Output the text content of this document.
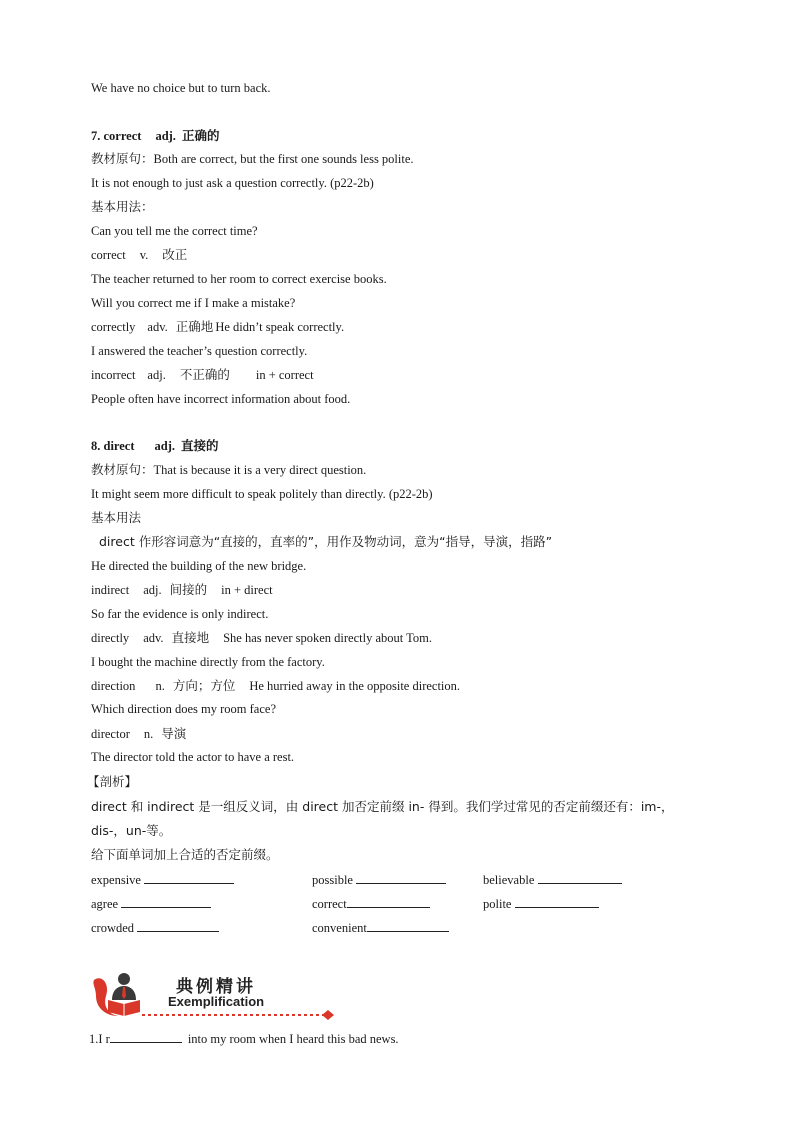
We have no choice but to turn back.
7. correct adj. 正确的
教材原句：Both are correct, but the first one sounds less polite.
It is not enough to just ask a question correctly. (p22-2b)
基本用法：
Can you tell me the correct time?
correct v. 改正
The teacher returned to her room to correct exercise books.
Will you correct me if I make a mistake?
correctly adv. 正确地 He didn’t speak correctly.
I answered the teacher’s question correctly.
incorrect adj. 不正确的 in + correct
People often have incorrect information about food.
8. direct adj. 直接的
教材原句：That is because it is a very direct question.
It might seem more difficult to speak politely than directly. (p22-2b)
基本用法
direct 作形容词意为“直接的，直率的”，用作及物动词，意为“指导，导演，指路”
He directed the building of the new bridge.
indirect adj. 间接的 in + direct
So far the evidence is only indirect.
directly adv. 直接地 She has never spoken directly about Tom.
I bought the machine directly from the factory.
direction n. 方向；方位 He hurried away in the opposite direction.
Which direction does my room face?
director n. 导演
The director told the actor to have a rest.
【剖析】
direct 和 indirect 是一组反义词，由 direct 加否定前缀 in- 得到。我们学过常见的否定前缀还有：im-，
dis-，un-等。
给下面单词加上合适的否定前缀。
expensive	possible	believable
agree	correct	polite
crowded	convenient
1.I r	into my room when I heard this bad news.
典例精讲
Exemplification
